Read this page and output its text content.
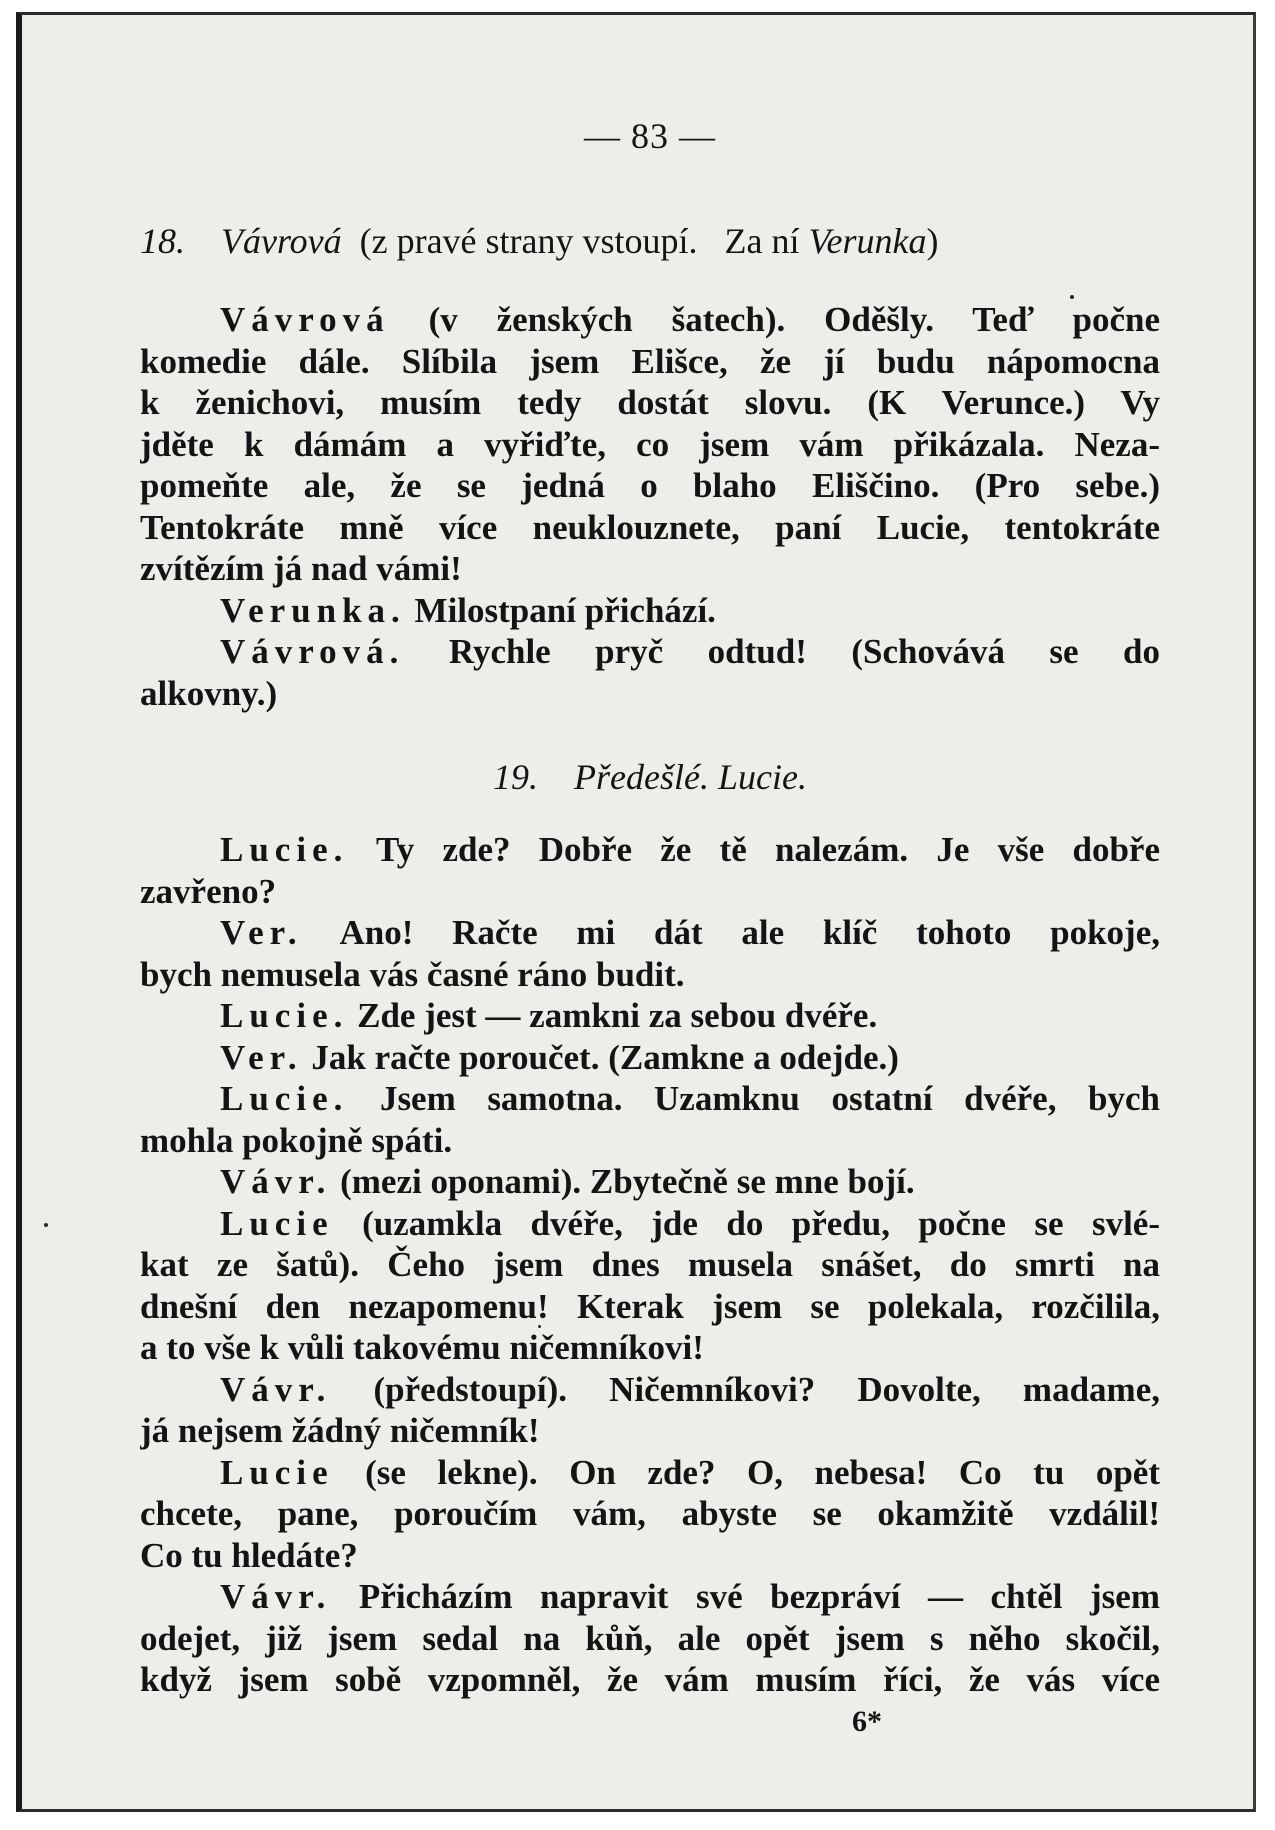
— 83 —
18. Vávrová (z pravé strany vstoupí. Za ní Verunka)
Vávrová (v ženských šatech). Oděšly. Teď počne
komedie dále. Slíbila jsem Elišce, že jí budu nápomocna
k ženichovi, musím tedy dostát slovu. (K Verunce.) Vy
jděte k dámám a vyřiďte, co jsem vám přikázala. Neza-
pomeňte ale, že se jedná o blaho Eliščino. (Pro sebe.)
Tentokráte mně více neuklouznete, paní Lucie, tentokráte
zvítězím já nad vámi!
Verunka. Milostpaní přichází.
Vávrová. Rychle pryč odtud! (Schovává se do
alkovny.)
19. Předešlé. Lucie.
Lucie. Ty zde? Dobře že tě nalezám. Je vše dobře
zavřeno?
Ver. Ano! Račte mi dát ale klíč tohoto pokoje,
bych nemusela vás časné ráno budit.
Lucie. Zde jest — zamkni za sebou dvéře.
Ver. Jak račte poroučet. (Zamkne a odejde.)
Lucie. Jsem samotna. Uzamknu ostatní dvéře, bych
mohla pokojně spáti.
Vávr. (mezi oponami). Zbytečně se mne bojí.
Lucie (uzamkla dvéře, jde do předu, počne se svlé-
kat ze šatů). Čeho jsem dnes musela snášet, do smrti na
dnešní den nezapomenu! Kterak jsem se polekala, rozčilila,
a to vše k vůli takovému ničemníkovi!
Vávr. (předstoupí). Ničemníkovi? Dovolte, madame,
já nejsem žádný ničemník!
Lucie (se lekne). On zde? O, nebesa! Co tu opět
chcete, pane, poroučím vám, abyste se okamžitě vzdálil!
Co tu hledáte?
Vávr. Přicházím napravit své bezpráví — chtěl jsem
odejet, již jsem sedal na kůň, ale opět jsem s něho skočil,
když jsem sobě vzpomněl, že vám musím říci, že vás více
6*
